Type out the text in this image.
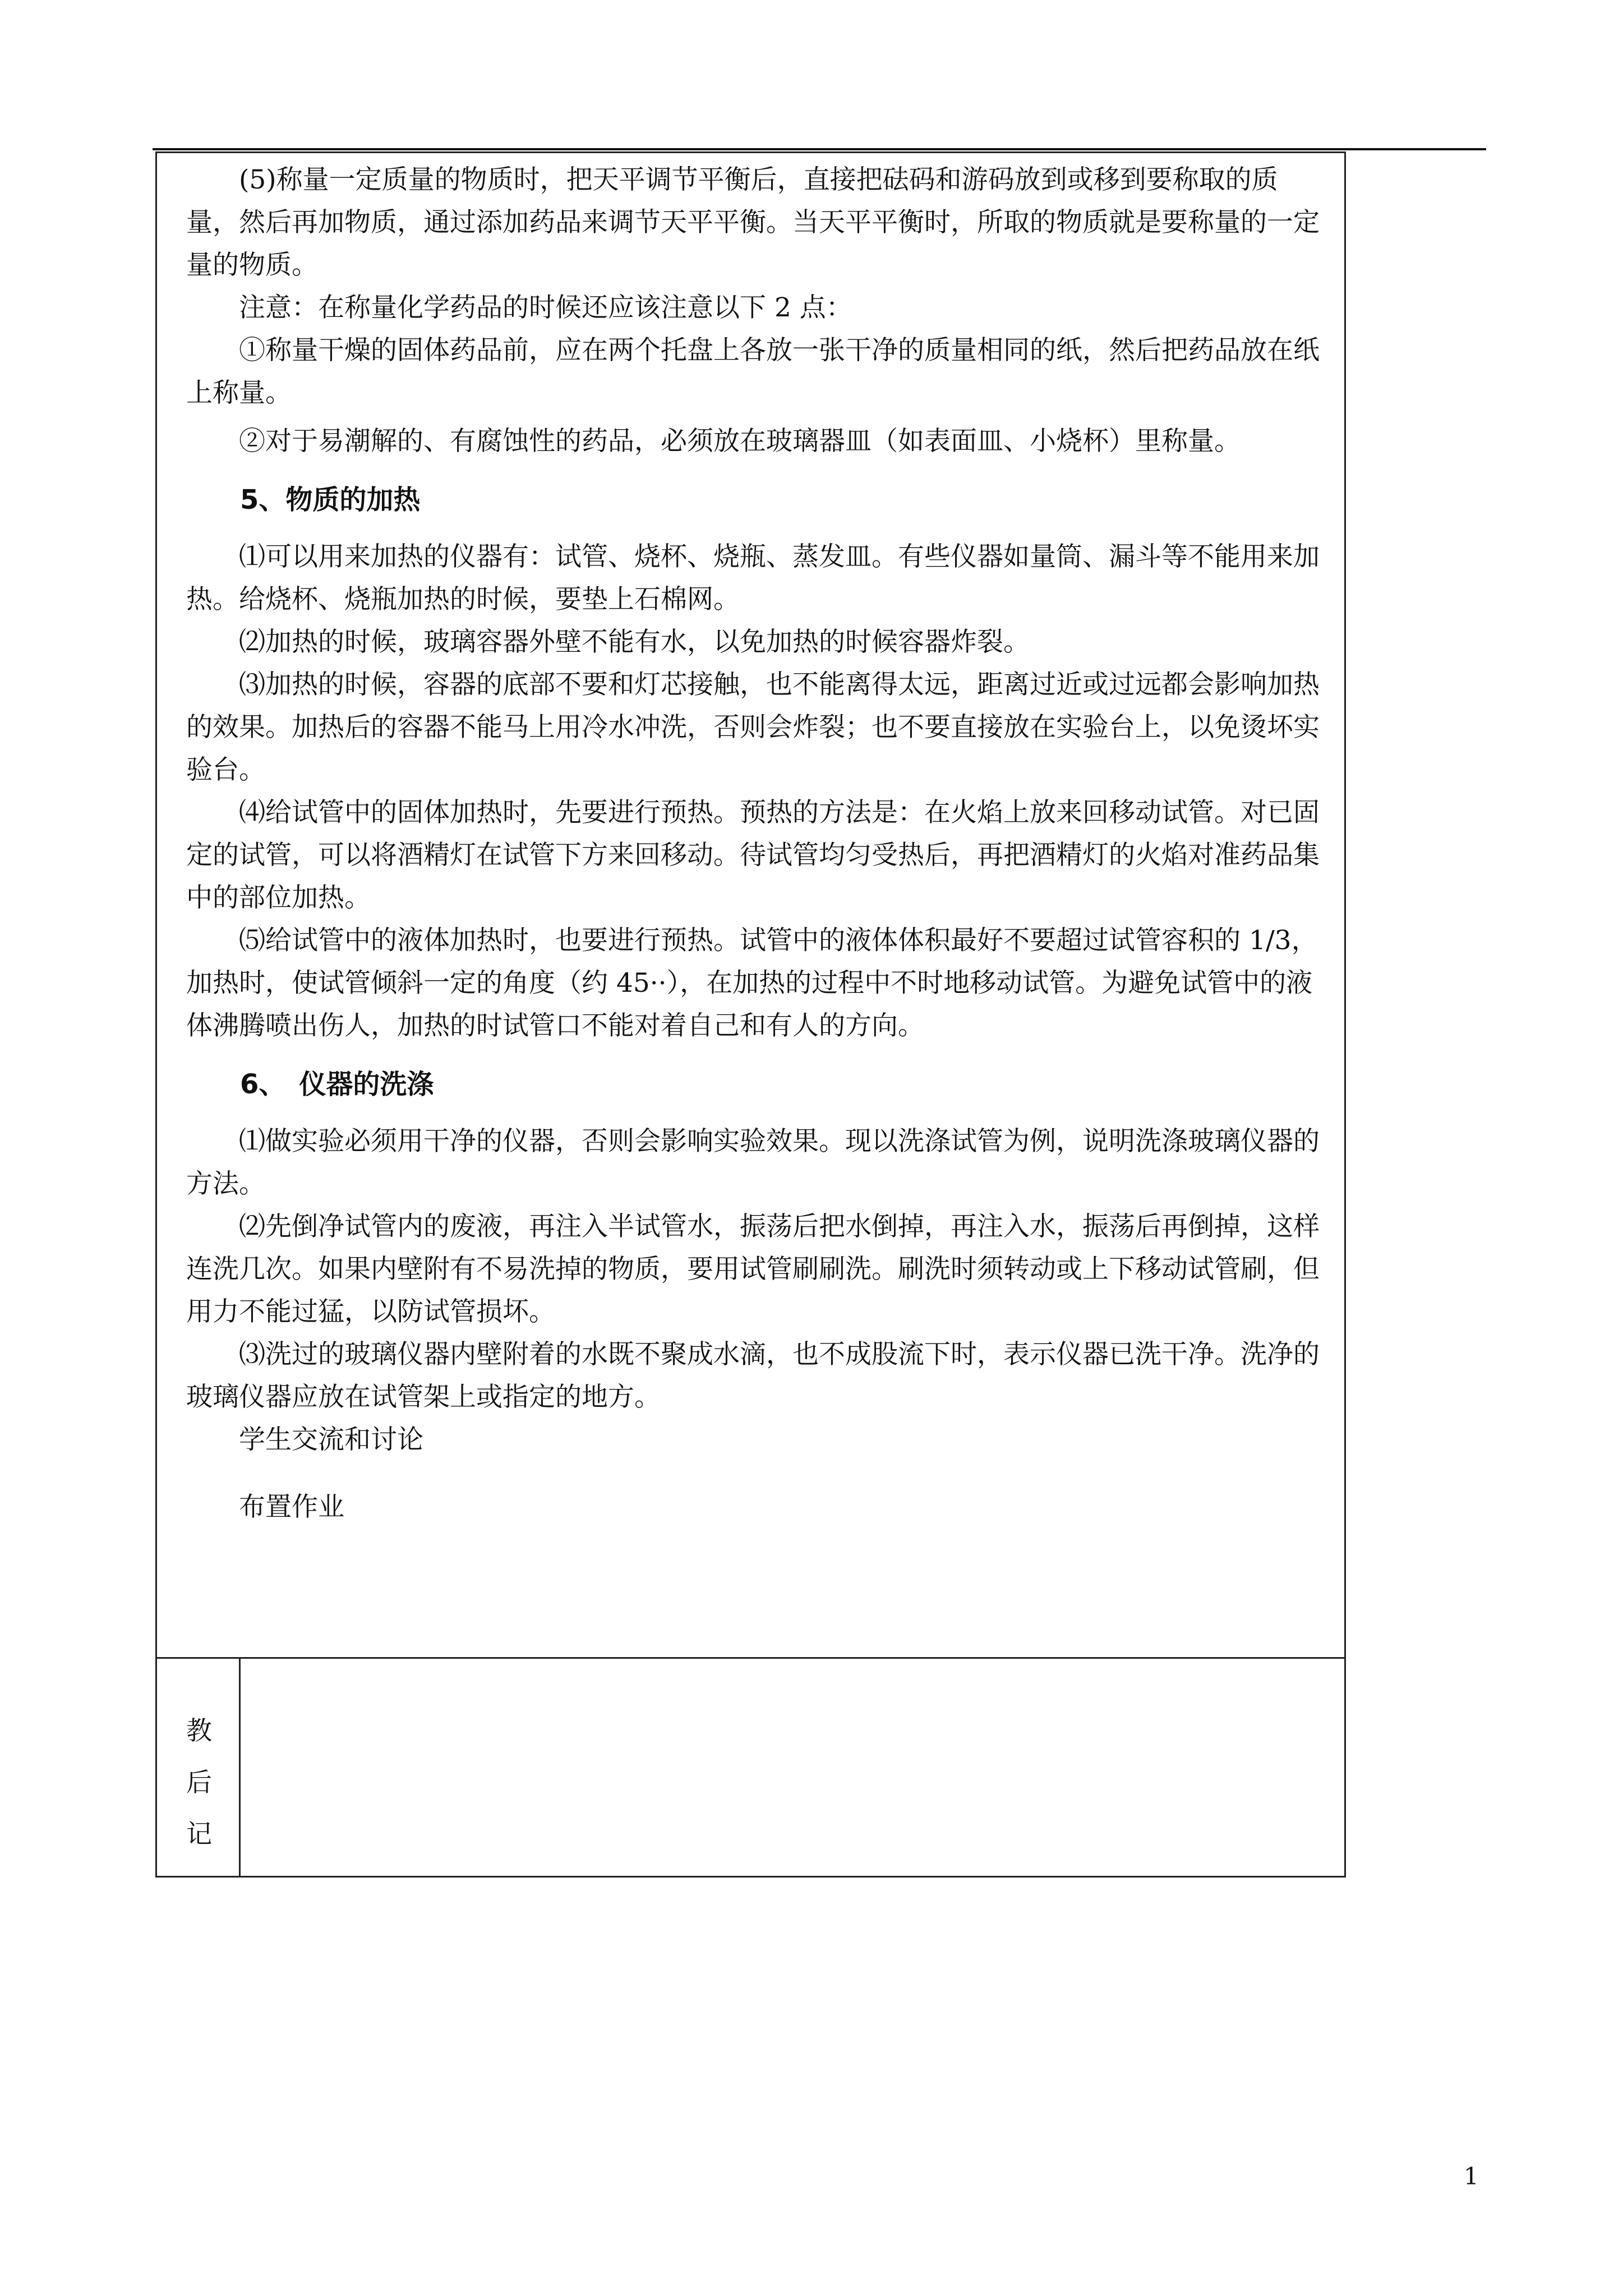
(5)称量一定质量的物质时，把天平调节平衡后，直接把砝码和游码放到或移到要称取的质量，然后再加物质，通过添加药品来调节天平平衡。当天平平衡时，所取的物质就是要称量的一定量的物质。

注意：在称量化学药品的时候还应该注意以下 2 点：

①称量干燥的固体药品前，应在两个托盘上各放一张干净的质量相同的纸，然后把药品放在纸上称量。

②对于易潮解的、有腐蚀性的药品，必须放在玻璃器皿（如表面皿、小烧杯）里称量。

5、物质的加热

⑴可以用来加热的仪器有：试管、烧杯、烧瓶、蒸发皿。有些仪器如量筒、漏斗等不能用来加热。给烧杯、烧瓶加热的时候，要垫上石棉网。

⑵加热的时候，玻璃容器外壁不能有水，以免加热的时候容器炸裂。

⑶加热的时候，容器的底部不要和灯芯接触，也不能离得太远，距离过近或过远都会影响加热的效果。加热后的容器不能马上用冷水冲洗，否则会炸裂；也不要直接放在实验台上，以免烫坏实验台。

⑷给试管中的固体加热时，先要进行预热。预热的方法是：在火焰上放来回移动试管。对已固定的试管，可以将酒精灯在试管下方来回移动。待试管均匀受热后，再把酒精灯的火焰对准药品集中的部位加热。

⑸给试管中的液体加热时，也要进行预热。试管中的液体体积最好不要超过试管容积的 1/3，加热时，使试管倾斜一定的角度（约 45··），在加热的过程中不时地移动试管。为避免试管中的液体沸腾喷出伤人，加热的时试管口不能对着自己和有人的方向。

6、　仪器的洗涤

⑴做实验必须用干净的仪器，否则会影响实验效果。现以洗涤试管为例，说明洗涤玻璃仪器的方法。

⑵先倒净试管内的废液，再注入半试管水，振荡后把水倒掉，再注入水，振荡后再倒掉，这样连洗几次。如果内壁附有不易洗掉的物质，要用试管刷刷洗。刷洗时须转动或上下移动试管刷，但用力不能过猛，以防试管损坏。

⑶洗过的玻璃仪器内壁附着的水既不聚成水滴，也不成股流下时，表示仪器已洗干净。洗净的玻璃仪器应放在试管架上或指定的地方。

学生交流和讨论

布置作业

教后记
1
